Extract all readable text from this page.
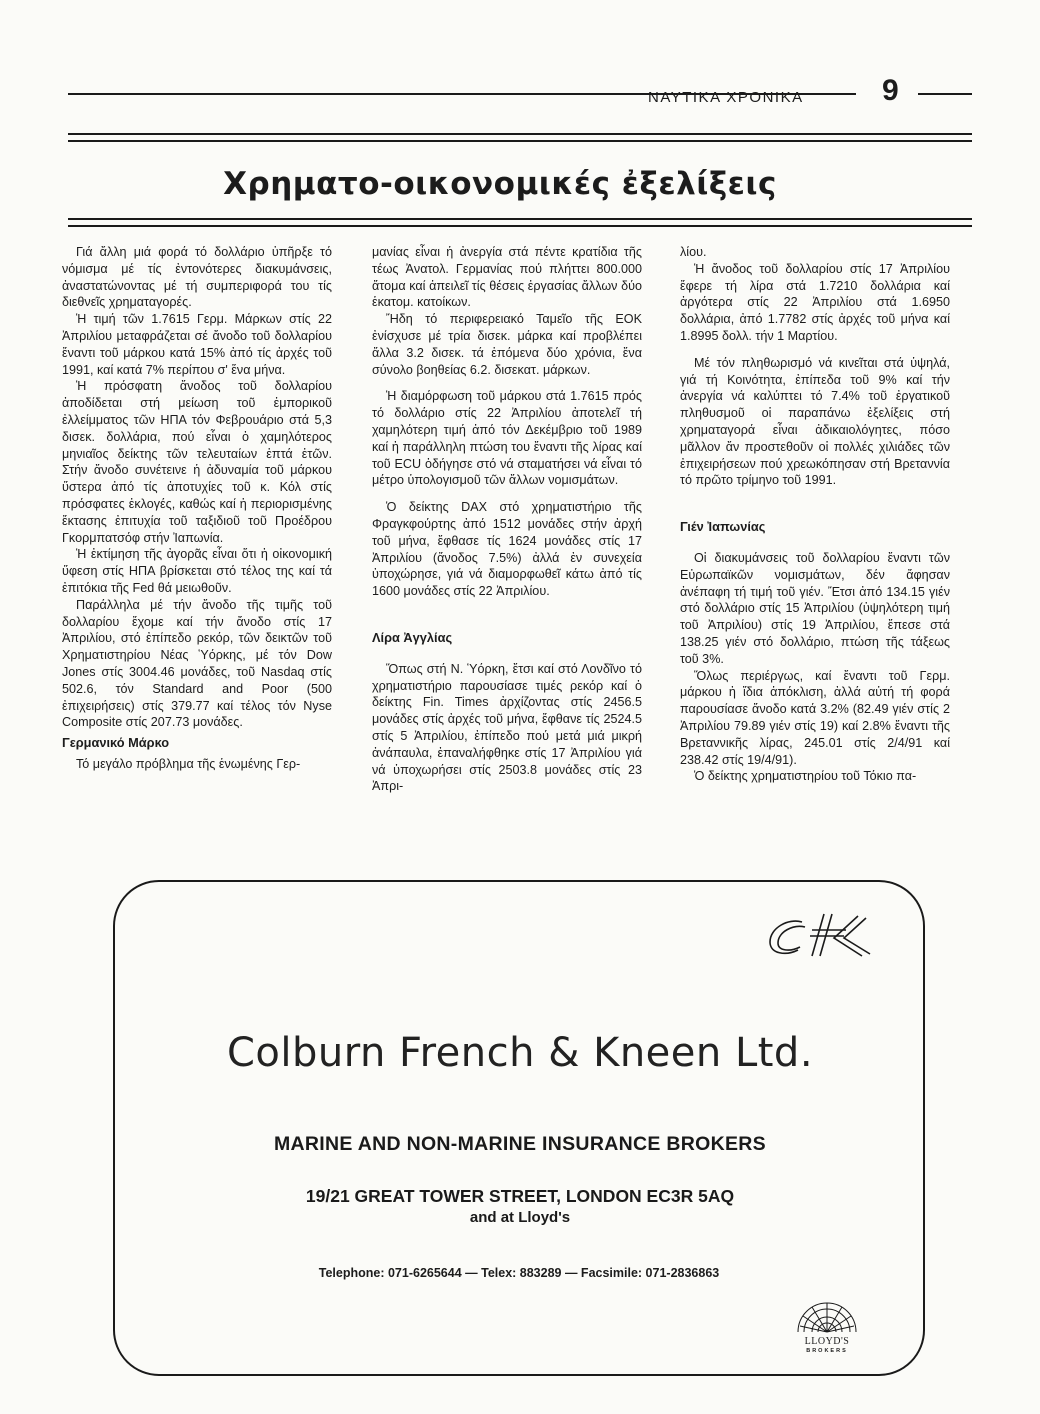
ΝΑΥΤΙΚΑ ΧΡΟΝΙΚΑ	9
Χρηματο-οικονομικές ἐξελίξεις

Γιά ἄλλη μιά φορά τό δολλάριο ὑπῆρξε τό νόμισμα μέ τίς ἐντονότερες διακυμάνσεις, ἀναστατώνοντας μέ τή συμπεριφορά του τίς διεθνεῖς χρηματαγορές.

Ἡ τιμή τῶν 1.7615 Γερμ. Μάρκων στίς 22 Ἀπριλίου μεταφράζεται σέ ἄνοδο τοῦ δολλαρίου ἔναντι τοῦ μάρκου κατά 15% ἀπό τίς ἀρχές τοῦ 1991, καί κατά 7% περίπου σ' ἕνα μήνα.

Ἡ πρόσφατη ἄνοδος τοῦ δολλαρίου ἀποδίδεται στή μείωση τοῦ ἐμπορικοῦ ἐλλείμματος τῶν ΗΠΑ τόν Φεβρουάριο στά 5,3 δισεκ. δολλάρια, πού εἶναι ὁ χαμηλότερος μηνιαῖος δείκτης τῶν τελευταίων ἑπτά ἐτῶν. Στήν ἄνοδο συνέτεινε ἡ ἀδυναμία τοῦ μάρκου ὕστερα ἀπό τίς ἀποτυχίες τοῦ κ. Κόλ στίς πρόσφατες ἐκλογές, καθώς καί ἡ περιορισμένης ἔκτασης ἐπιτυχία τοῦ ταξιδιοῦ τοῦ Προέδρου Γκορμπατσόφ στήν Ἰαπωνία.

Ἡ ἐκτίμηση τῆς ἀγορᾶς εἶναι ὅτι ἡ οἰκονομική ὕφεση στίς ΗΠΑ βρίσκεται στό τέλος της καί τά ἐπιτόκια τῆς Fed θά μειωθοῦν.

Παράλληλα μέ τήν ἄνοδο τῆς τιμῆς τοῦ δολλαρίου ἔχομε καί τήν ἄνοδο στίς 17 Ἀπριλίου, στό ἐπίπεδο ρεκόρ, τῶν δεικτῶν τοῦ Χρηματιστηρίου Νέας Ὑόρκης, μέ τόν Dow Jones στίς 3004.46 μονάδες, τοῦ Nasdaq στίς 502.6, τόν Standard and Poor (500 ἐπιχειρήσεις) στίς 379.77 καί τέλος τόν Nyse Composite στίς 207.73 μονάδες.

Γερμανικό Μάρκο

Τό μεγάλο πρόβλημα τῆς ἑνωμένης Γερ-

μανίας εἶναι ἡ ἀνεργία στά πέντε κρατίδια τῆς τέως Ἀνατολ. Γερμανίας πού πλήττει 800.000 ἄτομα καί ἀπειλεῖ τίς θέσεις ἐργασίας ἄλλων δύο ἑκατομ. κατοίκων.

Ἤδη τό περιφερειακό Ταμεῖο τῆς ΕΟΚ ἐνίσχυσε μέ τρία δισεκ. μάρκα καί προβλέπει ἄλλα 3.2 δισεκ. τά ἑπόμενα δύο χρόνια, ἕνα σύνολο βοηθείας 6.2. δισεκατ. μάρκων.

Ἡ διαμόρφωση τοῦ μάρκου στά 1.7615 πρός τό δολλάριο στίς 22 Ἀπριλίου ἀποτελεῖ τή χαμηλότερη τιμή ἀπό τόν Δεκέμβριο τοῦ 1989 καί ἡ παράλληλη πτώση του ἔναντι τῆς λίρας καί τοῦ ECU ὁδήγησε στό νά σταματήσει νά εἶναι τό μέτρο ὑπολογισμοῦ τῶν ἄλλων νομισμάτων.

Ὁ δείκτης DAX στό χρηματιστήριο τῆς Φραγκφούρτης ἀπό 1512 μονάδες στήν ἀρχή τοῦ μήνα, ἔφθασε τίς 1624 μονάδες στίς 17 Ἀπριλίου (ἄνοδος 7.5%) ἀλλά ἐν συνεχεία ὑποχώρησε, γιά νά διαμορφωθεῖ κάτω ἀπό τίς 1600 μονάδες στίς 22 Ἀπριλίου.

Λίρα Ἀγγλίας

Ὅπως στή Ν. Ὑόρκη, ἔτσι καί στό Λονδῖνο τό χρηματιστήριο παρουσίασε τιμές ρεκόρ καί ὁ δείκτης Fin. Times ἀρχίζοντας στίς 2456.5 μονάδες στίς ἀρχές τοῦ μήνα, ἔφθανε τίς 2524.5 στίς 5 Ἀπριλίου, ἐπίπεδο πού μετά μιά μικρή ἀνάπαυλα, ἐπαναλήφθηκε στίς 17 Ἀπριλίου γιά νά ὑποχωρήσει στίς 2503.8 μονάδες στίς 23 Ἀπρι-

λίου.

Ἡ ἄνοδος τοῦ δολλαρίου στίς 17 Ἀπριλίου ἔφερε τή λίρα στά 1.7210 δολλάρια καί ἀργότερα στίς 22 Ἀπριλίου στά 1.6950 δολλάρια, ἀπό 1.7782 στίς ἀρχές τοῦ μήνα καί 1.8995 δολλ. τήν 1 Μαρτίου.

Μέ τόν πληθωρισμό νά κινεῖται στά ὑψηλά, γιά τή Κοινότητα, ἐπίπεδα τοῦ 9% καί τήν ἀνεργία νά καλύπτει τό 7.4% τοῦ ἐργατικοῦ πληθυσμοῦ οἱ παραπάνω ἐξελίξεις στή χρηματαγορά εἶναι ἀδικαιολόγητες, πόσο μᾶλλον ἄν προστεθοῦν οἱ πολλές χιλιάδες τῶν ἐπιχειρήσεων πού χρεωκόπησαν στή Βρεταννία τό πρῶτο τρίμηνο τοῦ 1991.

Γιέν Ἰαπωνίας

Οἱ διακυμάνσεις τοῦ δολλαρίου ἔναντι τῶν Εὐρωπαϊκῶν νομισμάτων, δέν ἄφησαν ἀνέπαφη τή τιμή τοῦ γιέν. Ἔτσι ἀπό 134.15 γιέν στό δολλάριο στίς 15 Ἀπριλίου (ὑψηλότερη τιμή τοῦ Ἀπριλίου) στίς 19 Ἀπριλίου, ἔπεσε στά 138.25 γιέν στό δολλάριο, πτώση τῆς τάξεως τοῦ 3%.

Ὅλως περιέργως, καί ἔναντι τοῦ Γερμ. μάρκου ἡ ἴδια ἀπόκλιση, ἀλλά αὐτή τή φορά παρουσίασε ἄνοδο κατά 3.2% (82.49 γιέν στίς 2 Ἀπριλίου 79.89 γιέν στίς 19) καί 2.8% ἔναντι τῆς Βρεταννικῆς λίρας, 245.01 στίς 2/4/91 καί 238.42 στίς 19/4/91).

Ὁ δείκτης χρηματιστηρίου τοῦ Τόκιο πα-

cfk
Colburn French & Kneen Ltd.
MARINE AND NON-MARINE INSURANCE BROKERS
19/21 GREAT TOWER STREET, LONDON EC3R 5AQ
and at Lloyd's
Telephone: 071-6265644 — Telex: 883289 — Facsimile: 071-2836863
LLOYD'S
BROKERS
